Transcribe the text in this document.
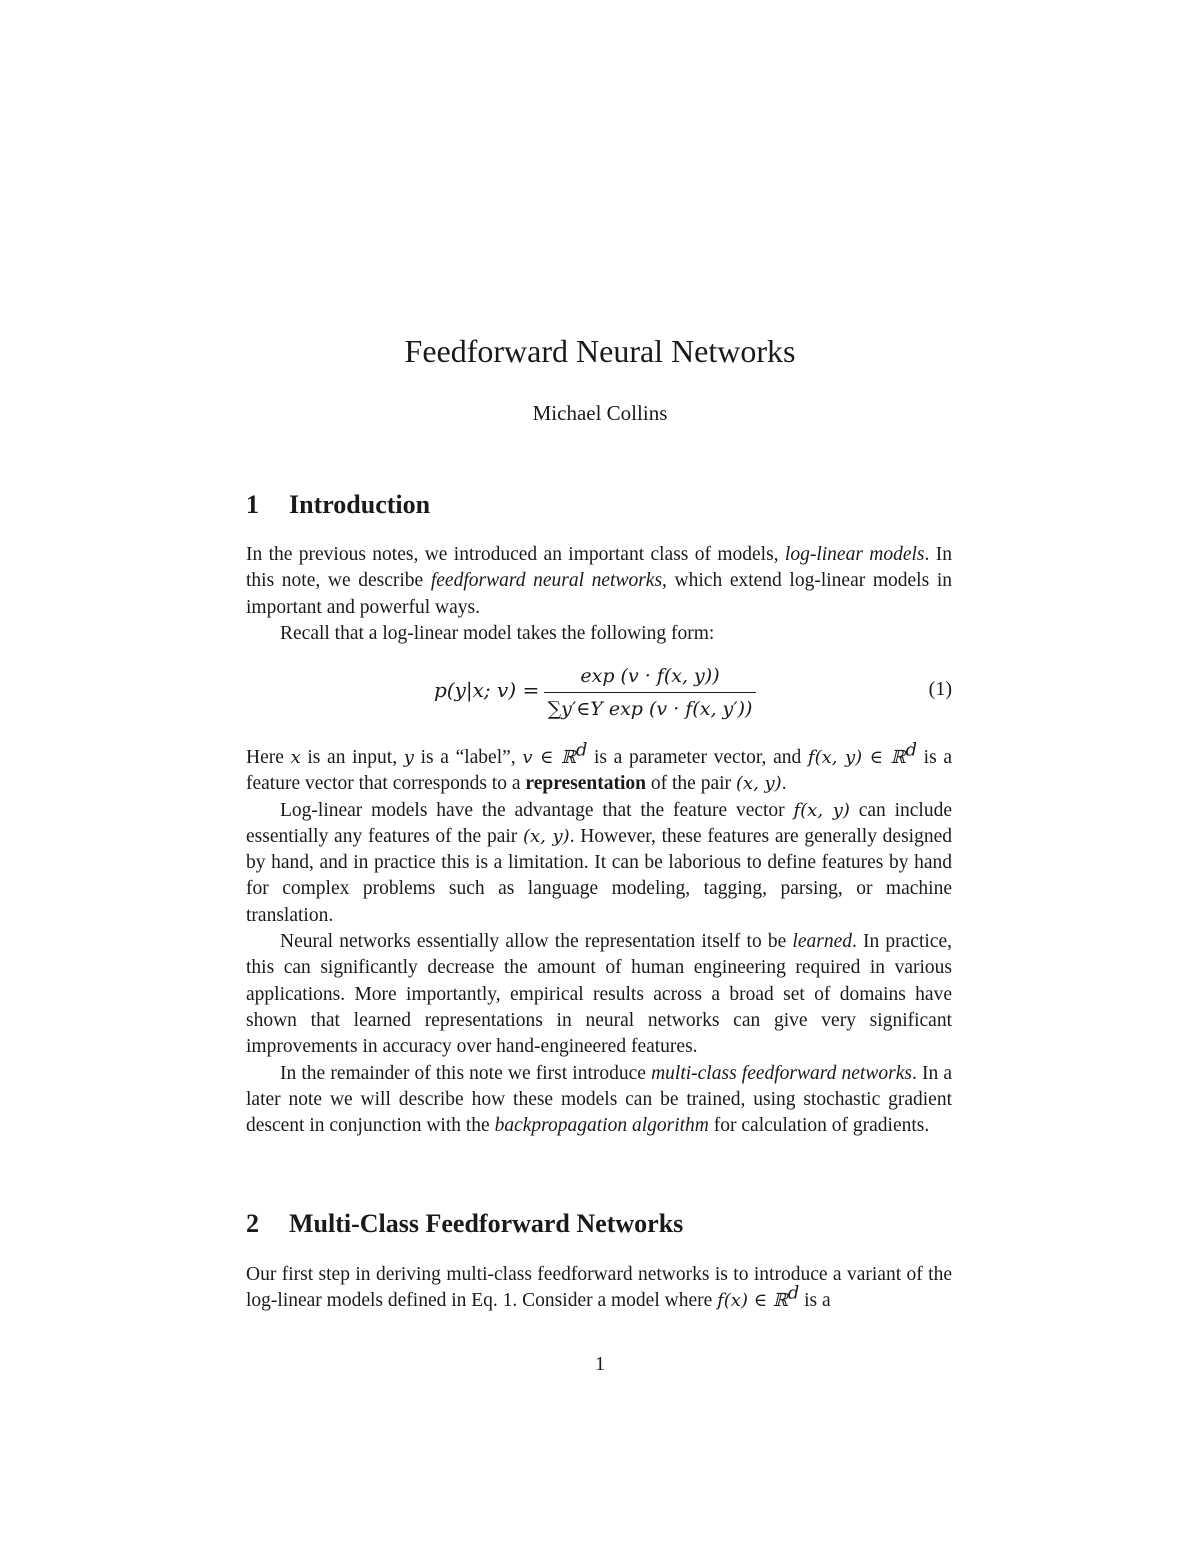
Feedforward Neural Networks
Michael Collins
1 Introduction

In the previous notes, we introduced an important class of models, log-linear models. In this note, we describe feedforward neural networks, which extend log-linear models in important and powerful ways.

Recall that a log-linear model takes the following form:

p(y|x; v) =
exp (v · f(x, y))
∑y′∈Y exp (v · f(x, y′))
(1)

Here x is an input, y is a “label”, v ∈ ℝ$^d$ is a parameter vector, and f(x, y) ∈ ℝ$^d$ is a feature vector that corresponds to a representation of the pair (x, y).

Log-linear models have the advantage that the feature vector f(x, y) can include essentially any features of the pair (x, y). However, these features are generally designed by hand, and in practice this is a limitation. It can be laborious to define features by hand for complex problems such as language modeling, tagging, parsing, or machine translation.

Neural networks essentially allow the representation itself to be learned. In practice, this can significantly decrease the amount of human engineering required in various applications. More importantly, empirical results across a broad set of domains have shown that learned representations in neural networks can give very significant improvements in accuracy over hand-engineered features.

In the remainder of this note we first introduce multi-class feedforward networks. In a later note we will describe how these models can be trained, using stochastic gradient descent in conjunction with the backpropagation algorithm for calculation of gradients.

2 Multi-Class Feedforward Networks

Our first step in deriving multi-class feedforward networks is to introduce a variant of the log-linear models defined in Eq. 1. Consider a model where f(x) ∈ ℝ$^d$ is a

1
